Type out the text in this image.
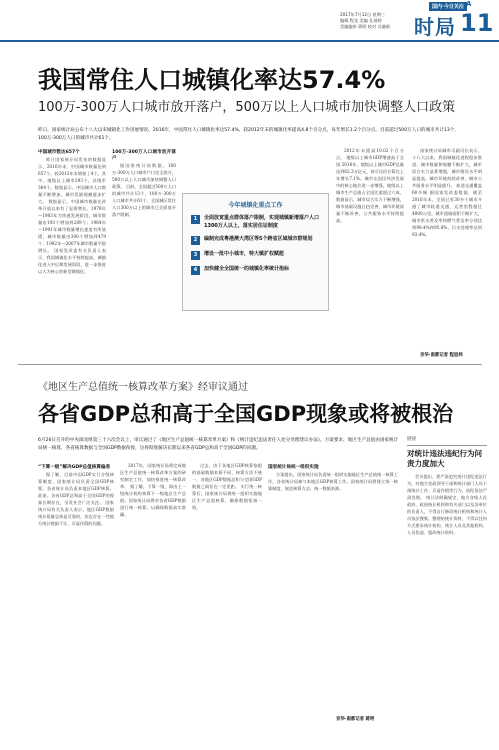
国内·今日关注 A
2017年7月12日 星期三
编辑 程龙 美编 孔靖婷
美编编审 蒋明 校对 冯谦新	时局 11
我国常住人口城镇化率达57.4%
100万-300万人口城市放开落户，500万以上人口城市加快调整人口政策

昨日，国家统计局公布十八大以来城镇化工作进展情况。2016年，中国常住人口城镇化率达57.4%，较2012年末的城镇化率提高4.8个百分点，每年增长1.2个百分点。目前超过500万人口的城市共计13个，100万-300万人口的城市共计61个。

中国城市数达657个

昨日国家统计局发布的数据显示，2016年末，中国城市数量达到657个，较2012年末增加了4个。其中，地级以上城市293个，县级市364个。数据显示，中国城市人口数量不断增加，城市发展规模逐步扩大。 数据显示，中国城市数量在改革开放以来有了显著增长。1978年—1983年为快速发展阶段，城市数量由193个增加到289个；1984年—1991年城市数量增长速度有所放缓，城市数量由300个增加到479个；1992年—2007年城市数量平稳增长。 国家发改委有关负责人表示，我国城镇化水平持续提高，城镇化进入中后期发展阶段，进一步推进以人为核心的新型城镇化。

100万-300万人口城市放开落户

据国家统计局数据，100万-300万人口城市户口完全放开，500万以上人口城市加快调整人口政策。 目前，全国超过500万人口的城市共计13个，100万-300万人口城市共计61个，全国城区常住人口300万以上的城市已全面放开落户限制。

2012年末提高10.02个百分点。 地级以上城市GDP增速高于全国 2016年，地级以上城市GDP总量达到62.3万亿元，按可比价计算比上年增长7.1%。城市在国民经济发展中的核心地位进一步增强，地级以上城市生产总值占全国比重超过六成。 数据显示，城市综合实力不断增强，城市基础设施日趋完善，城市环境质量不断改善，公共服务水平持续提高。

国家统计局城市司副司长表示，十八大以来，我国城镇化进程稳步推进，城市数量和规模不断扩大，城市综合实力显著增强，城市建设水平明显提高，城市环境持续改善，城市公共服务水平明显提升。 轨道交通覆盖60多城 据国家发改委数据，截至2016年末，全国已有30多个城市开通了城市轨道交通，运营里程超过4000公里。城市道路面积不断扩大，城市供水普及率和燃气普及率分别达到98.4%和95.8%，污水处理率达到93.4%。

今年城镇化重点工作
1	全面放宽重点群体落户限制，实现城镇新增落户人口1300万人以上，落实居住证制度
2	编制完成粤港澳大湾区等5个跨省区域城市群规划
3	增设一批中小城市，特大镇扩权赋能
4	加快健全全国统一的城镇化率统计指标
京华·南都记者 程思炜
《地区生产总值统一核算改革方案》经审议通过
各省GDP总和高于全国GDP现象或将被根治

6月26日召开的中央深改组第三十六次会议上，审议通过了《地区生产总值统一核算改革方案》和《统计违纪违法责任人处分处理建议办法》。方案要求，地区生产总值由国家统计局统一核算，各省核算数据与全国GDP数据衔接，这将彻底解决长期以来各省GDP总和高于全国GDP的问题。

“下算一级”解决GDP总值核算偏差

据了解，目前中国GDP实行分级核算制度，国家统计局负责全国GDP核算，各省统计局负责本地区GDP核算。此前，各省GDP总和高于全国GDP的现象长期存在，引发社会广泛关注。 国家统计局有关负责人表示，地区GDP数据统计质量总体是可靠的，但也存在一些地方统计数据不实、弄虚作假的问题。

2017年，国家统计局将完成地区生产总值统一核算改革方案的研究制定工作，加快推进统一核算改革。 据了解，下算一级，即由上一级统计机构核算下一级地区生产总值。国家统计局将对各省GDP数据进行统一核算，以确保数据真实准确。

过去，由于各地区GDP核算依据的基础数据来源不同，核算方法不统一，各地区GDP数据总和与全国GDP数据之间存在一定差距。 实行统一核算后，国家统计局将统一组织实施地区生产总值核算，确保数据衔接一致。

国家统计局统一组织实施

方案提出，国家统计局负责统一组织实施地区生产总值统一核算工作，各省统计局参与本地区GDP核算工作。国家统计局将建立统一核算制度，规范核算方法，统一数据来源。

链接
对统计违法违纪行为问责力度加大

会议提出，要严肃追究统计违纪违法行为，对地方党政领导干部和统计部门人员干预统计工作、弄虚作假等行为，依纪依法严肃处理。 统计法明确规定，地方各级人民政府、政府统计机构和有关部门以及各单位的负责人，不得自行修改统计机构和统计人员依法搜集、整理的统计资料，不得以任何方式要求统计机构、统计人员及其他机构、人员伪造、篡改统计资料。

京华·南都记者 蒋明
